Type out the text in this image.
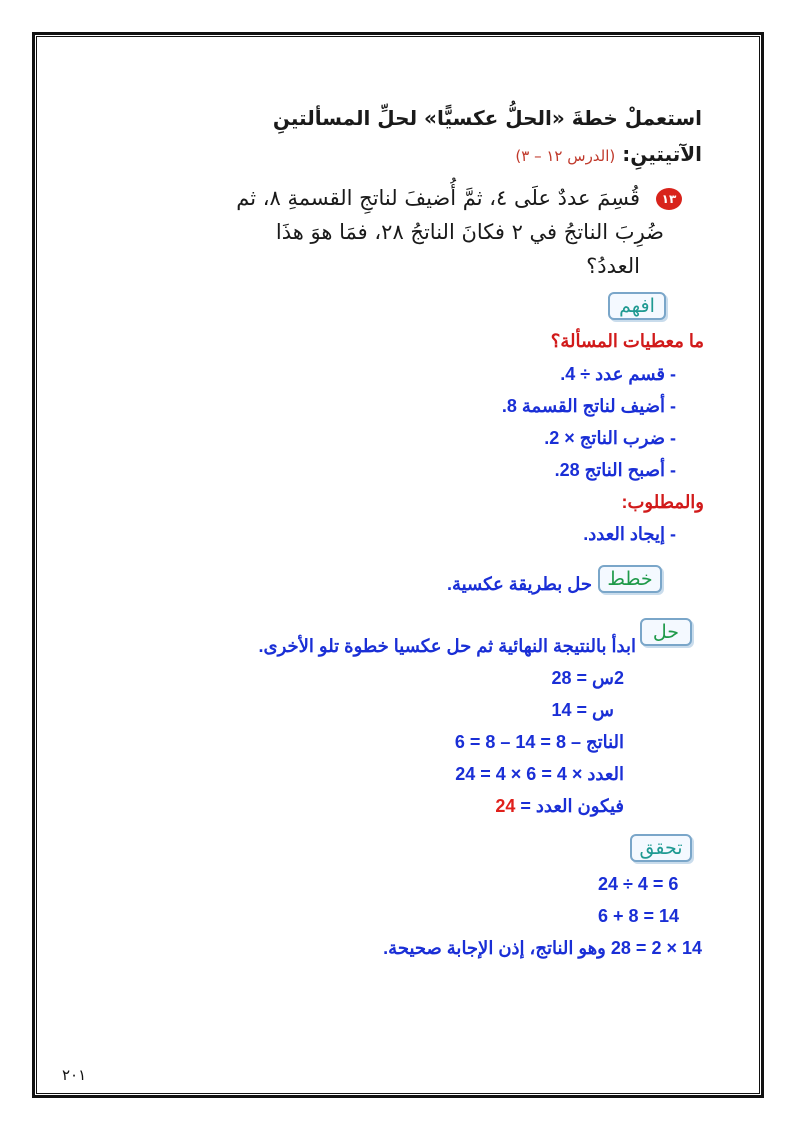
استعملْ خطةَ «الحلُّ عكسيًّا» لحلِّ المسألتينِ
الآتيتينِ: (الدرس ١٢ – ٣)
١٣
قُسِمَ عددٌ علَى ٤، ثمَّ أُضيفَ لناتجِ القسمةِ ٨، ثم
ضُرِبَ الناتجُ في ٢ فكانَ الناتجُ ٢٨، فمَا هوَ هذَا
العددُ؟
افهم
ما معطيات المسألة؟
- قسم عدد ÷ 4.
- أضيف لناتج القسمة 8.
- ضرب الناتج × 2.
- أصبح الناتج 28.
والمطلوب:
- إيجاد العدد.
خطط
حل بطريقة عكسية.
حل
ابدأ بالنتيجة النهائية ثم حل عكسيا خطوة تلو الأخرى.
2س = 28
س = 14
الناتج – 8 = 14 – 8 = 6
العدد × 4 = 6 × 4 = 24
فيكون العدد = 24
تحقق
24 ÷ 4 = 6
6 + 8 = 14
14 × 2 = 28 وهو الناتج، إذن الإجابة صحيحة.
٢٠١
